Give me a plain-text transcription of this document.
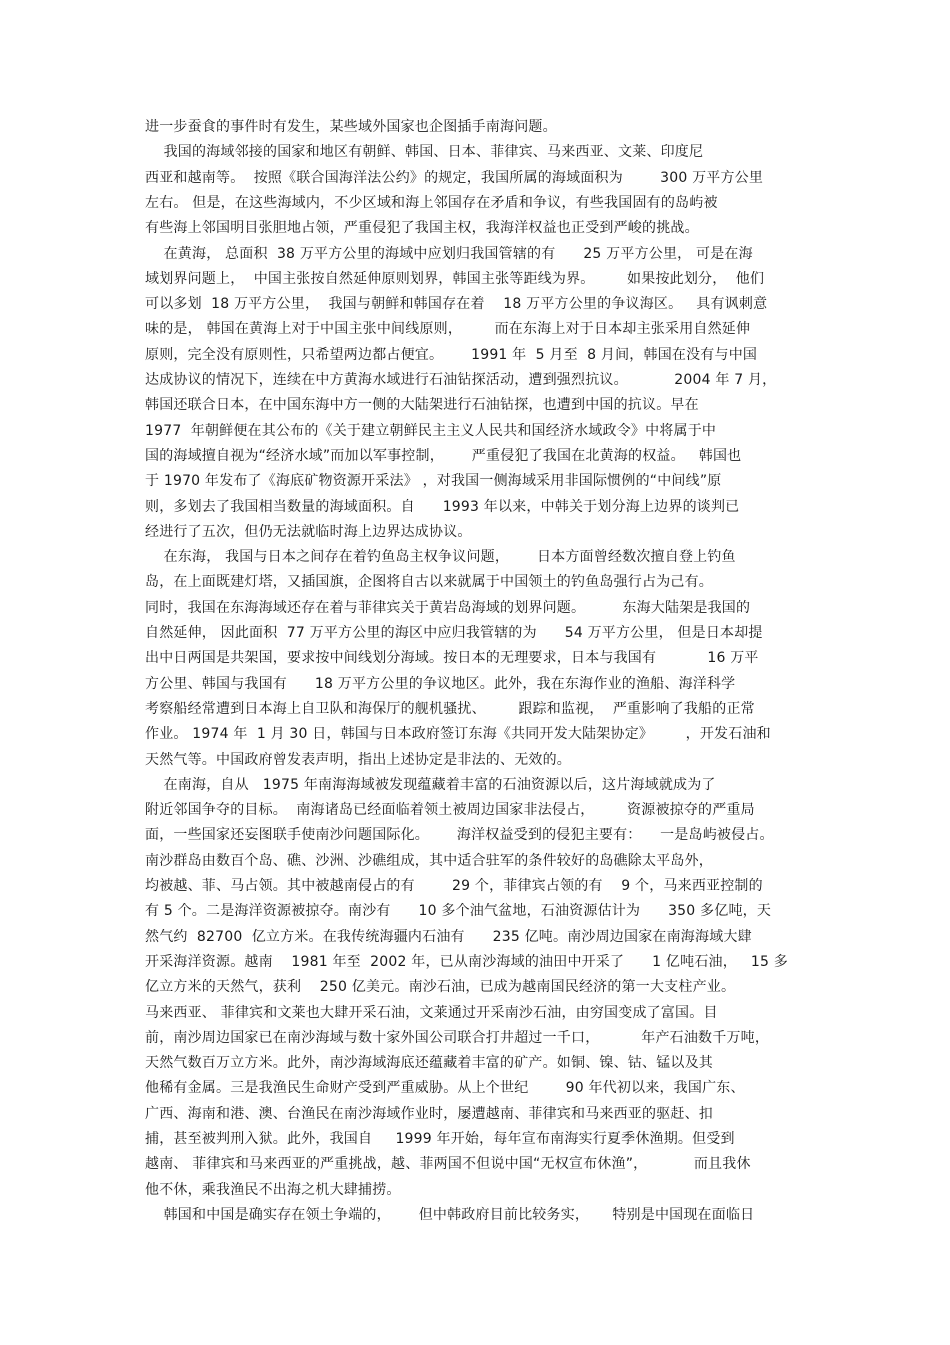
进一步蚕食的事件时有发生，某些域外国家也企图插手南海问题。
我国的海域邻接的国家和地区有朝鲜、韩国、日本、菲律宾、马来西亚、文莱、印度尼
西亚和越南等。  按照《联合国海洋法公约》的规定，我国所属的海域面积为        300 万平方公里
左右。 但是，在这些海域内，不少区域和海上邻国存在矛盾和争议，有些我国固有的岛屿被
有些海上邻国明目张胆地占领，严重侵犯了我国主权，我海洋权益也正受到严峻的挑战。
在黄海， 总面积  38 万平方公里的海域中应划归我国管辖的有      25 万平方公里， 可是在海
域划界问题上，  中国主张按自然延伸原则划界，韩国主张等距线为界。       如果按此划分，  他们
可以多划  18 万平方公里，  我国与朝鲜和韩国存在着    18 万平方公里的争议海区。   具有讽刺意
味的是， 韩国在黄海上对于中国主张中间线原则，       而在东海上对于日本却主张采用自然延伸
原则，完全没有原则性，只希望两边都占便宜。      1991 年  5 月至  8 月间，韩国在没有与中国
达成协议的情况下，连续在中方黄海水域进行石油钻探活动，遭到强烈抗议。          2004 年 7 月，
韩国还联合日本，在中国东海中方一侧的大陆架进行石油钻探，也遭到中国的抗议。早在
1977  年朝鲜便在其公布的《关于建立朝鲜民主主义人民共和国经济水域政令》中将属于中
国的海域擅自视为“经济水域”而加以军事控制，      严重侵犯了我国在北黄海的权益。   韩国也
于 1970 年发布了《海底矿物资源开采法》 ，对我国一侧海域采用非国际惯例的“中间线”原
则，多划去了我国相当数量的海域面积。自      1993 年以来，中韩关于划分海上边界的谈判已
经进行了五次，但仍无法就临时海上边界达成协议。
在东海， 我国与日本之间存在着钓鱼岛主权争议问题，      日本方面曾经数次擅自登上钓鱼
岛，在上面既建灯塔，又插国旗，企图将自古以来就属于中国领土的钓鱼岛强行占为己有。
同时，我国在东海海域还存在着与菲律宾关于黄岩岛海域的划界问题。        东海大陆架是我国的
自然延伸， 因此面积  77 万平方公里的海区中应归我管辖的为      54 万平方公里， 但是日本却提
出中日两国是共架国，要求按中间线划分海域。按日本的无理要求，日本与我国有           16 万平
方公里、韩国与我国有      18 万平方公里的争议地区。此外，我在东海作业的渔船、海洋科学
考察船经常遭到日本海上自卫队和海保厅的舰机骚扰、       跟踪和监视，  严重影响了我船的正常
作业。 1974 年  1 月 30 日，韩国与日本政府签订东海《共同开发大陆架协定》       ，开发石油和
天然气等。中国政府曾发表声明，指出上述协定是非法的、无效的。
在南海，自从   1975 年南海海域被发现蕴藏着丰富的石油资源以后，这片海域就成为了
附近邻国争夺的目标。  南海诸岛已经面临着领土被周边国家非法侵占，       资源被掠夺的严重局
面，一些国家还妄图联手使南沙问题国际化。      海洋权益受到的侵犯主要有：    一是岛屿被侵占。
南沙群岛由数百个岛、礁、沙洲、沙礁组成，其中适合驻军的条件较好的岛礁除太平岛外，
均被越、菲、马占领。其中被越南侵占的有        29 个，菲律宾占领的有    9 个，马来西亚控制的
有 5 个。二是海洋资源被掠夺。南沙有      10 多个油气盆地，石油资源估计为      350 多亿吨，天
然气约  82700  亿立方米。在我传统海疆内石油有      235 亿吨。南沙周边国家在南海海域大肆
开采海洋资源。越南    1981 年至  2002 年，已从南沙海域的油田中开采了      1 亿吨石油，   15 多
亿立方米的天然气，获利    250 亿美元。南沙石油，已成为越南国民经济的第一大支柱产业。
马来西亚、 菲律宾和文莱也大肆开采石油，文莱通过开采南沙石油，由穷国变成了富国。目
前，南沙周边国家已在南沙海域与数十家外国公司联合打井超过一千口，         年产石油数千万吨，
天然气数百万立方米。此外，南沙海域海底还蕴藏着丰富的矿产。如铜、镍、钴、锰以及其
他稀有金属。三是我渔民生命财产受到严重威胁。从上个世纪        90 年代初以来，我国广东、
广西、海南和港、澳、台渔民在南沙海域作业时，屡遭越南、菲律宾和马来西亚的驱赶、扣
捕，甚至被判刑入狱。此外，我国自     1999 年开始，每年宣布南海实行夏季休渔期。但受到
越南、 菲律宾和马来西亚的严重挑战，越、菲两国不但说中国“无权宣布休渔”，          而且我休
他不休，乘我渔民不出海之机大肆捕捞。
韩国和中国是确实存在领土争端的，      但中韩政府目前比较务实，     特别是中国现在面临日
